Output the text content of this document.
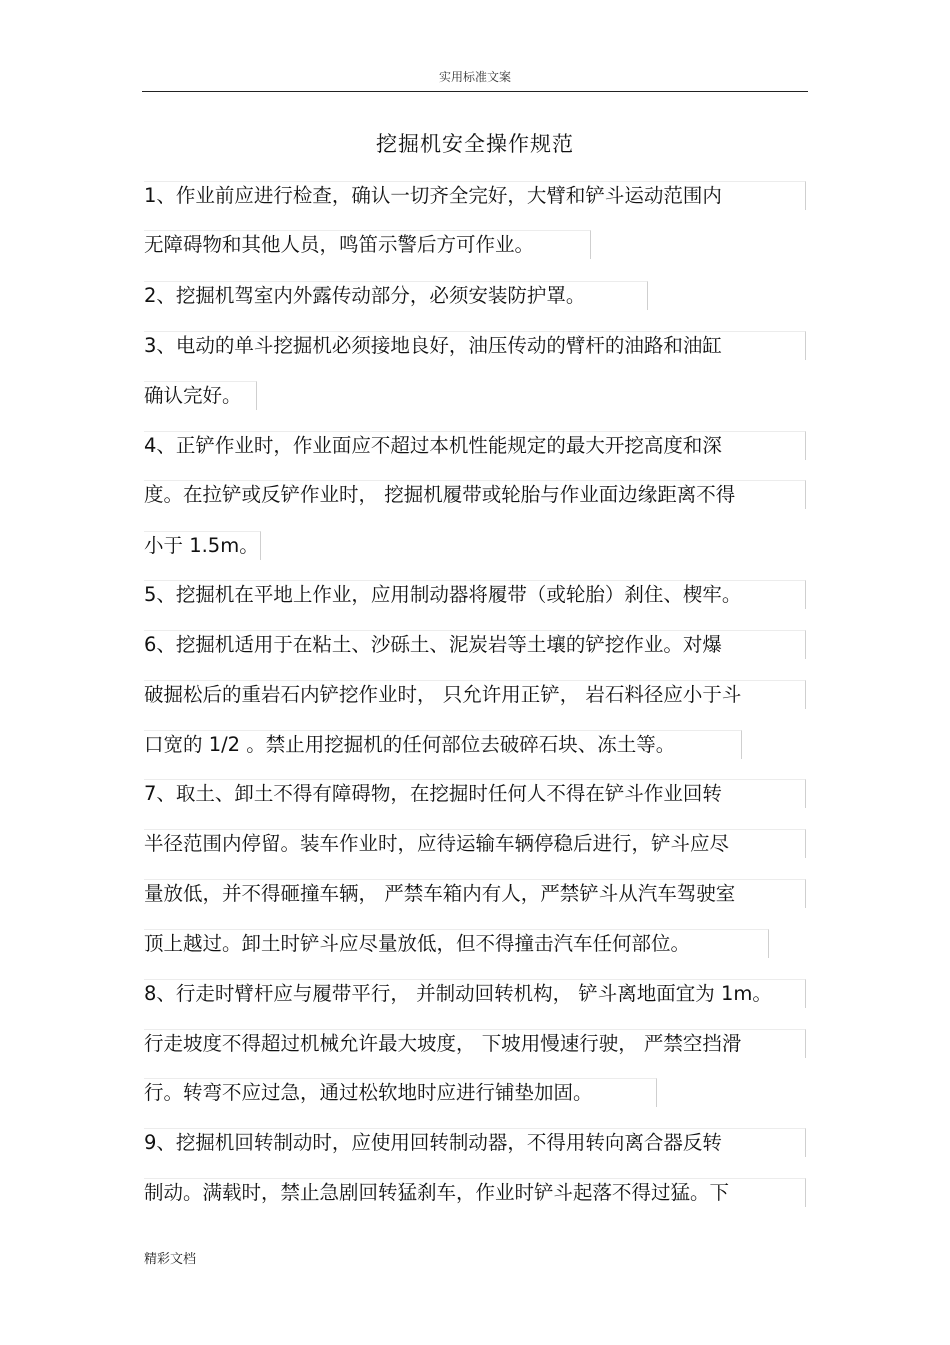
实用标准文案
挖掘机安全操作规范
1、作业前应进行检查，确认一切齐全完好，大臂和铲斗运动范围内
无障碍物和其他人员，鸣笛示警后方可作业。
2、挖掘机驾室内外露传动部分，必须安装防护罩。
3、电动的单斗挖掘机必须接地良好，油压传动的臂杆的油路和油缸
确认完好。
4、正铲作业时，作业面应不超过本机性能规定的最大开挖高度和深
度。在拉铲或反铲作业时， 挖掘机履带或轮胎与作业面边缘距离不得
小于 1.5m。
5、挖掘机在平地上作业，应用制动器将履带（或轮胎）刹住、楔牢。
6、挖掘机适用于在粘土、沙砾土、泥炭岩等土壤的铲挖作业。对爆
破掘松后的重岩石内铲挖作业时， 只允许用正铲， 岩石料径应小于斗
口宽的 1/2 。禁止用挖掘机的任何部位去破碎石块、冻土等。
7、取土、卸土不得有障碍物，在挖掘时任何人不得在铲斗作业回转
半径范围内停留。装车作业时，应待运输车辆停稳后进行，铲斗应尽
量放低，并不得砸撞车辆， 严禁车箱内有人，严禁铲斗从汽车驾驶室
顶上越过。卸土时铲斗应尽量放低，但不得撞击汽车任何部位。
8、行走时臂杆应与履带平行， 并制动回转机构， 铲斗离地面宜为 1m。
行走坡度不得超过机械允许最大坡度， 下坡用慢速行驶， 严禁空挡滑
行。转弯不应过急，通过松软地时应进行铺垫加固。
9、挖掘机回转制动时，应使用回转制动器，不得用转向离合器反转
制动。满载时，禁止急剧回转猛刹车，作业时铲斗起落不得过猛。下
精彩文档
